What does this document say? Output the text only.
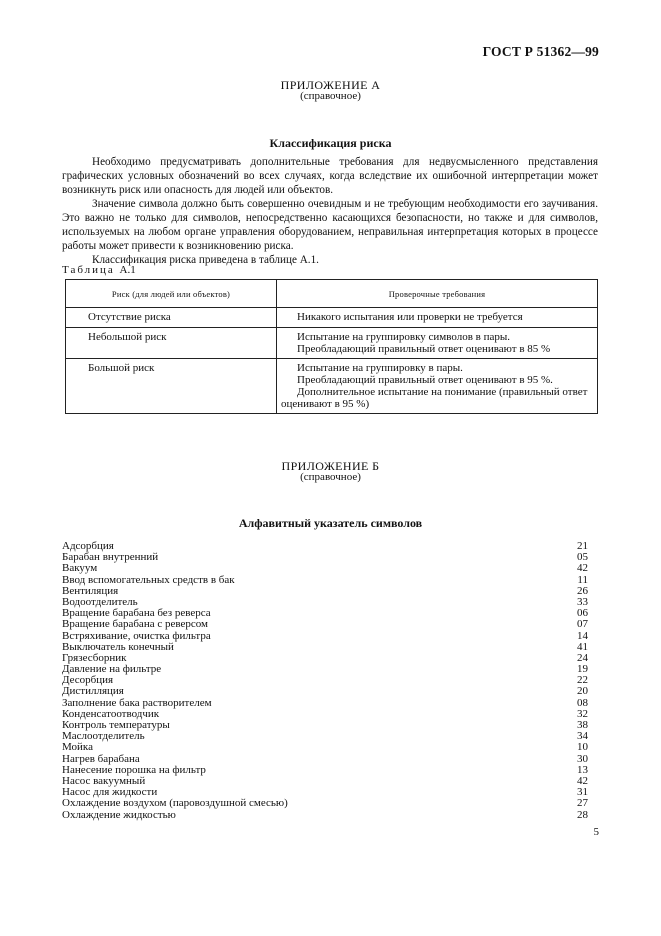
ГОСТ Р 51362—99
ПРИЛОЖЕНИЕ А
(справочное)
Классификация риска

Необходимо предусматривать дополнительные требования для недвусмысленного представления графических условных обозначений во всех случаях, когда вследствие их ошибочной интерпретации может возникнуть риск или опасность для людей или объектов.

Значение символа должно быть совершенно очевидным и не требующим необходимости его заучивания. Это важно не только для символов, непосредственно касающихся безопасности, но также и для символов, используемых на любом органе управления оборудованием, неправильная интерпретация которых в процессе работы может привести к возникновению риска.

Классификация риска приведена в таблице А.1.

Таблица А.1
Риск (для людей или объектов)	Проверочные требования
Отсутствие риска	Никакого испытания или проверки не требуется

Небольшой риск	Испытание на группировку символов в пары.
Преобладающий правильный ответ оценивают в 85 %

Большой риск	Испытание на группировку в пары.
Преобладающий правильный ответ оценивают в 95 %.
Дополнительное испытание на понимание (правильный ответ
оценивают в 95 %)
ПРИЛОЖЕНИЕ Б
(справочное)
Алфавитный указатель символов
Адсорбция	21
Барабан внутренний	05
Вакуум	42
Ввод вспомогательных средств в бак	11
Вентиляция	26
Водоотделитель	33
Вращение барабана без реверса	06
Вращение барабана с реверсом	07
Встряхивание, очистка фильтра	14
Выключатель конечный	41
Грязесборник	24
Давление на фильтре	19
Десорбция	22
Дистилляция	20
Заполнение бака растворителем	08
Конденсатоотводчик	32
Контроль температуры	38
Маслоотделитель	34
Мойка	10
Нагрев барабана	30
Нанесение порошка на фильтр	13
Насос вакуумный	42
Насос для жидкости	31
Охлаждение воздухом (паровоздушной смесью)	27
Охлаждение жидкостью	28
5
